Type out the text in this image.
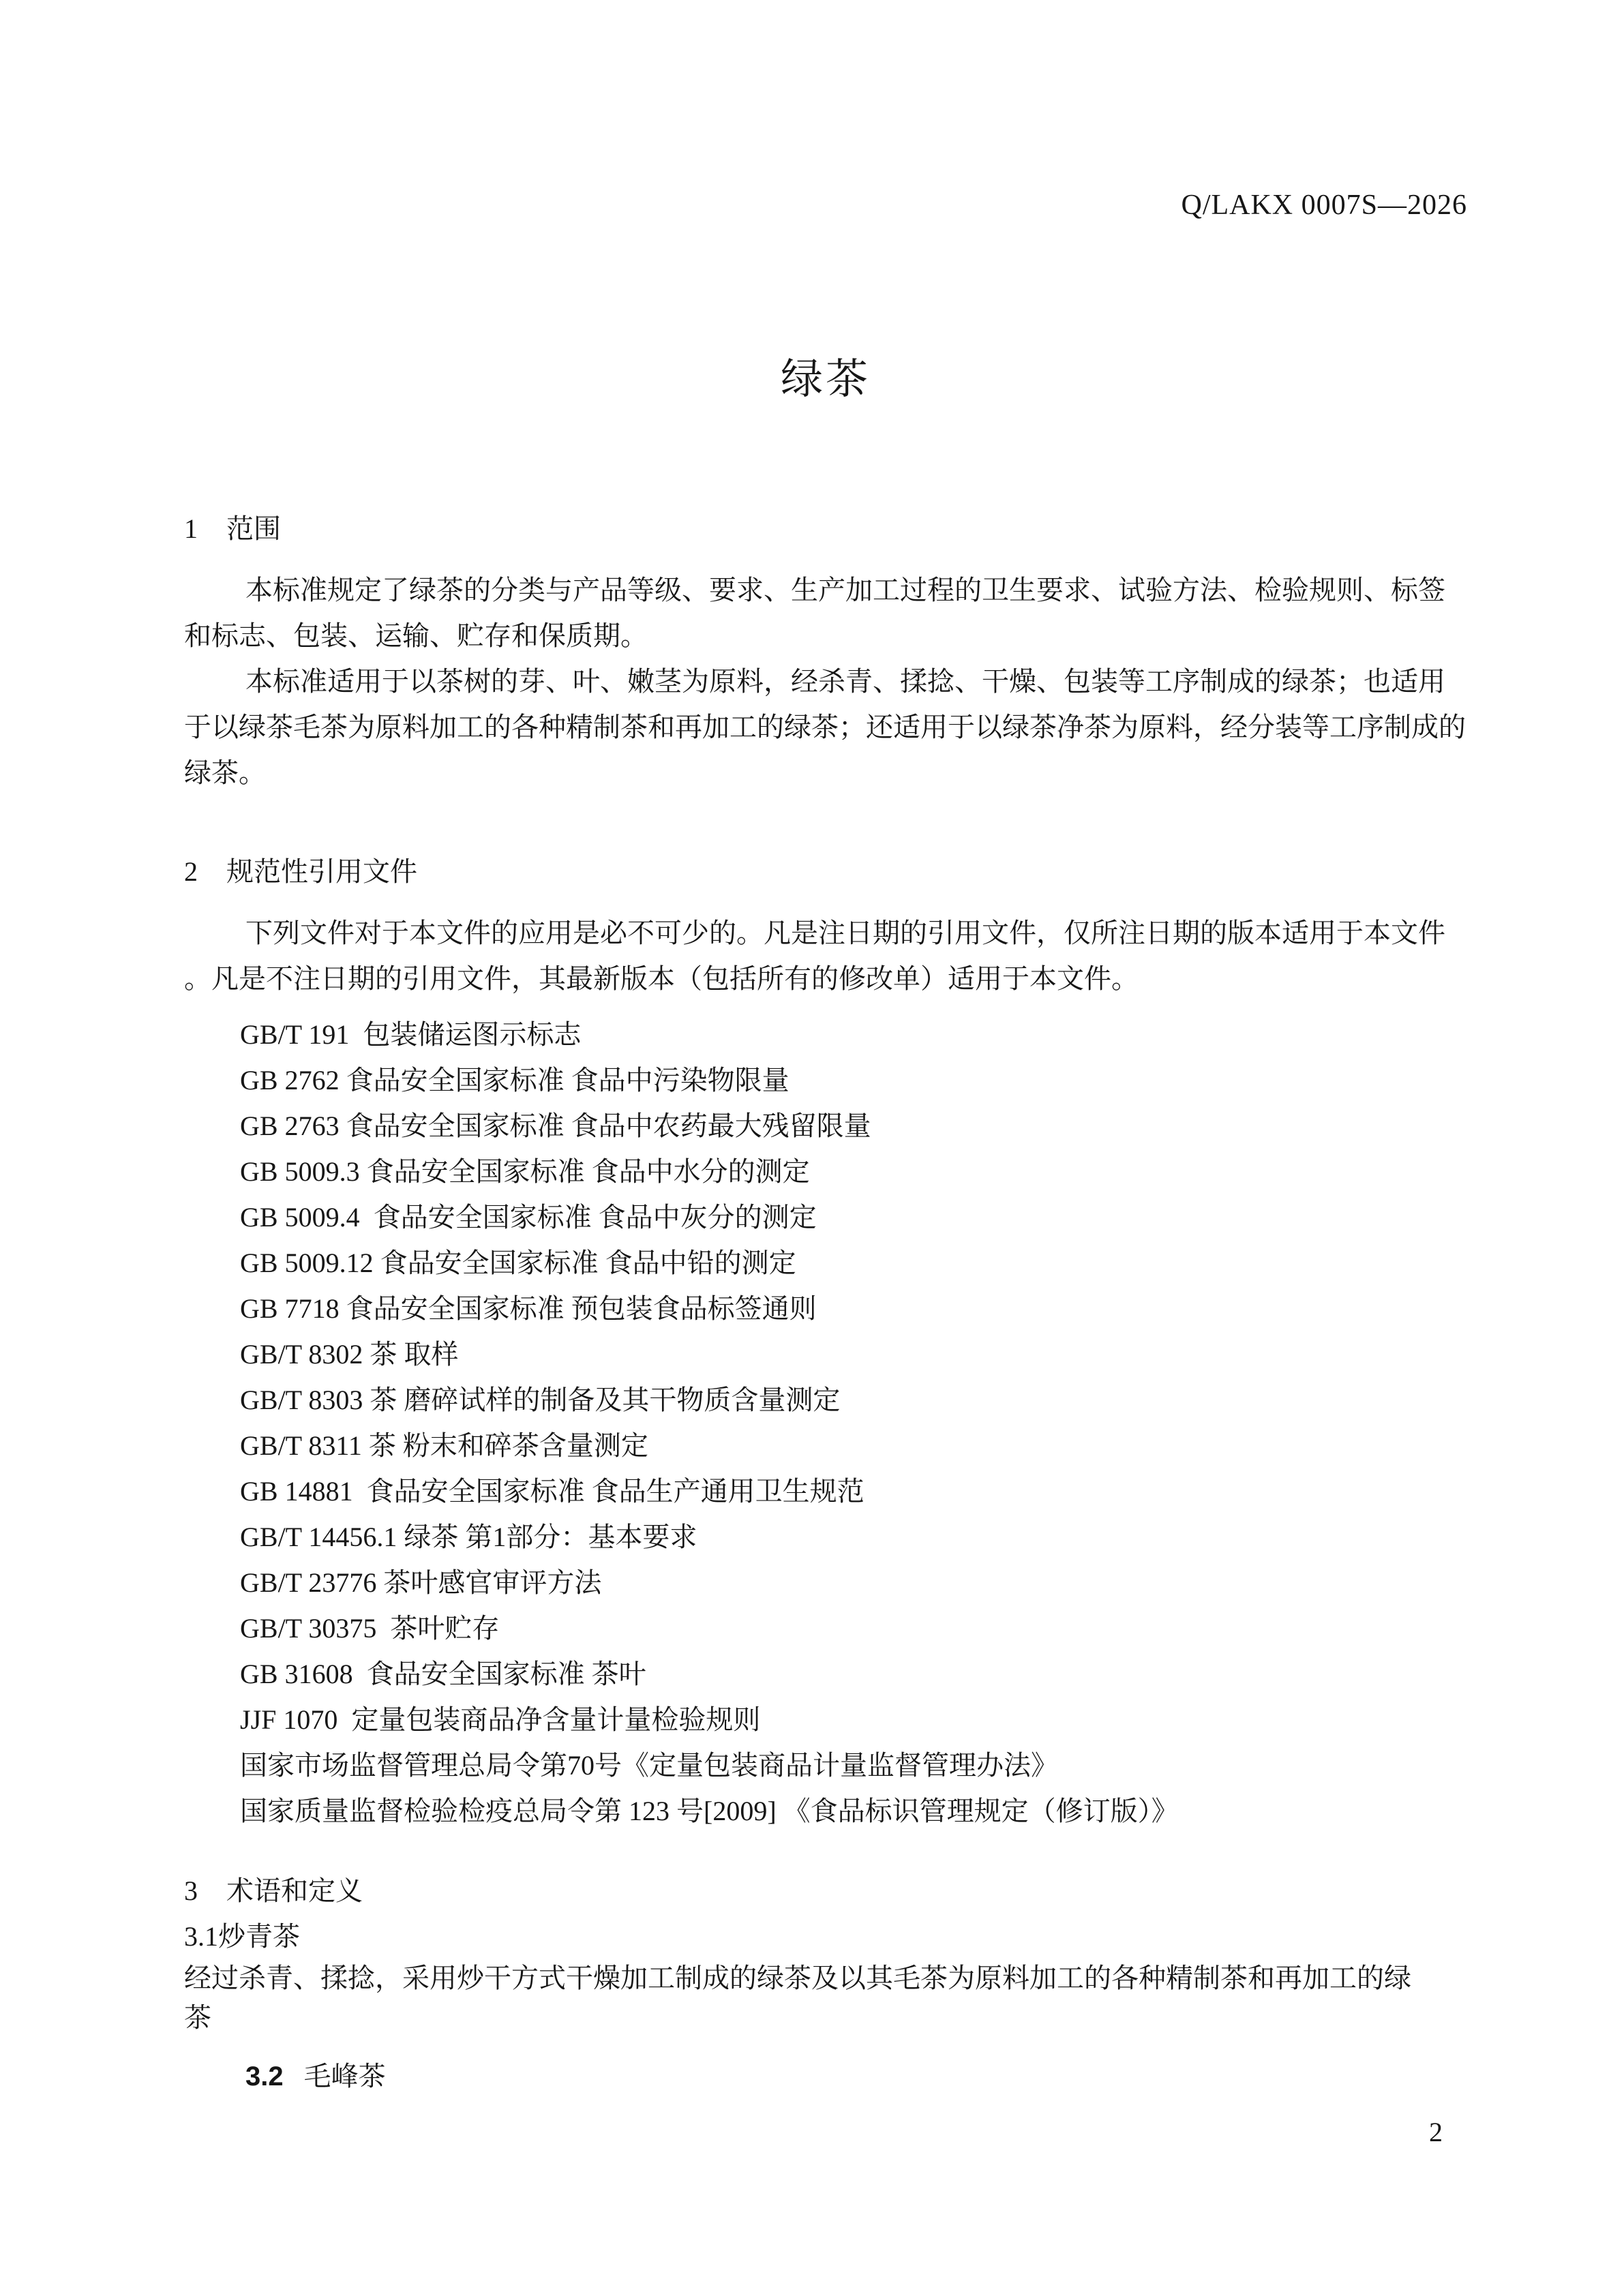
Q/LAKX 0007S—2026
绿茶
1 范围
本标准规定了绿茶的分类与产品等级、要求、生产加工过程的卫生要求、试验方法、检验规则、标签
和标志、包装、运输、贮存和保质期。
本标准适用于以茶树的芽、叶、嫩茎为原料，经杀青、揉捻、干燥、包装等工序制成的绿茶；也适用
于以绿茶毛茶为原料加工的各种精制茶和再加工的绿茶；还适用于以绿茶净茶为原料，经分装等工序制成的
绿茶。
2 规范性引用文件
下列文件对于本文件的应用是必不可少的。凡是注日期的引用文件，仅所注日期的版本适用于本文件
。凡是不注日期的引用文件，其最新版本（包括所有的修改单）适用于本文件。
GB/T 191  包装储运图示标志
GB 2762 食品安全国家标准 食品中污染物限量
GB 2763 食品安全国家标准 食品中农药最大残留限量
GB 5009.3 食品安全国家标准 食品中水分的测定
GB 5009.4  食品安全国家标准 食品中灰分的测定
GB 5009.12 食品安全国家标准 食品中铅的测定
GB 7718 食品安全国家标准 预包装食品标签通则
GB/T 8302 茶 取样
GB/T 8303 茶 磨碎试样的制备及其干物质含量测定
GB/T 8311 茶 粉末和碎茶含量测定
GB 14881  食品安全国家标准 食品生产通用卫生规范
GB/T 14456.1 绿茶 第1部分：基本要求
GB/T 23776 茶叶感官审评方法
GB/T 30375  茶叶贮存
GB 31608  食品安全国家标准 茶叶
JJF 1070  定量包装商品净含量计量检验规则
国家市场监督管理总局令第70号《定量包装商品计量监督管理办法》
国家质量监督检验检疫总局令第 123 号[2009] 《食品标识管理规定（修订版）》
3 术语和定义
3.1炒青茶
经过杀青、揉捻，采用炒干方式干燥加工制成的绿茶及以其毛茶为原料加工的各种精制茶和再加工的绿
茶
3.2 毛峰茶
2
